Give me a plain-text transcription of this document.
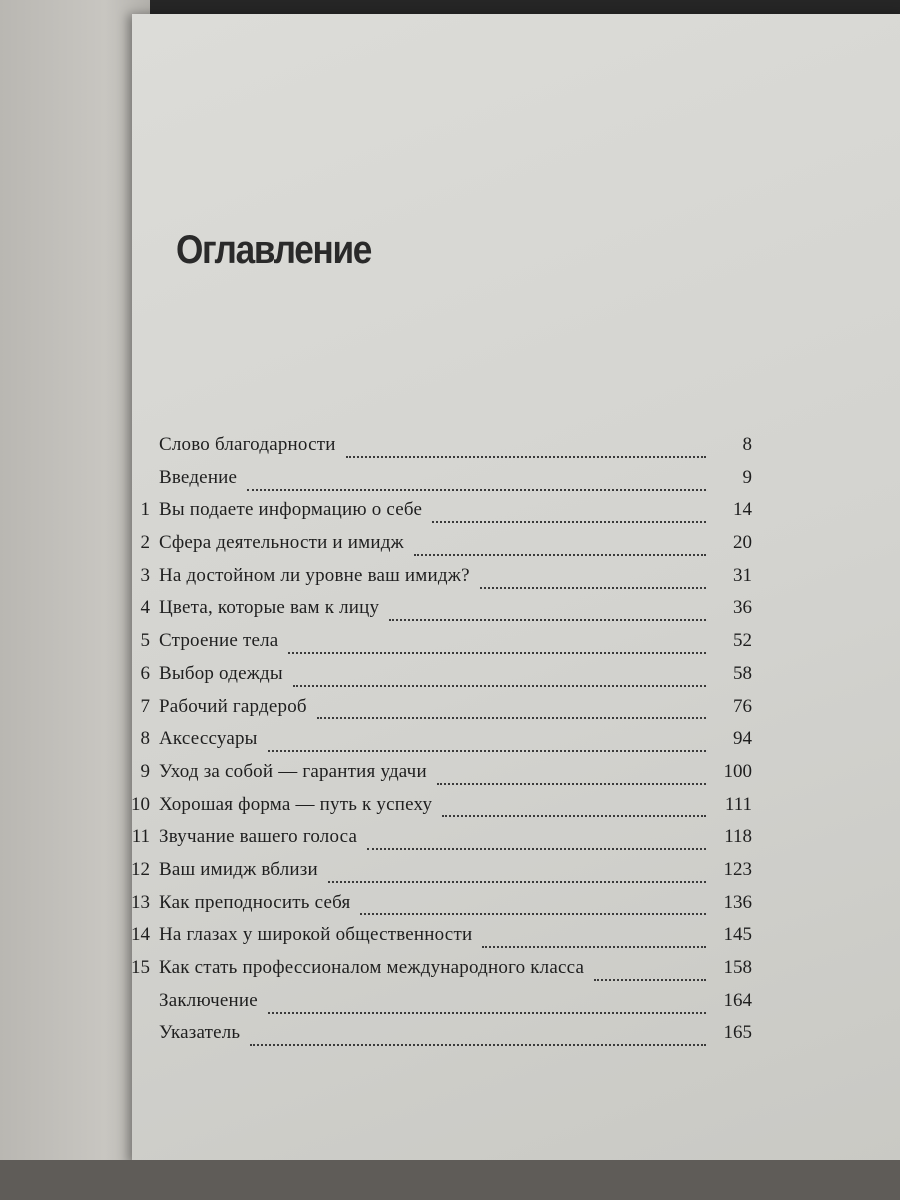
Оглавление
Слово благодарности	8
Введение	9
1 Вы подаете информацию о себе	14
2 Сфера деятельности и имидж	20
3 На достойном ли уровне ваш имидж?	31
4 Цвета, которые вам к лицу	36
5 Строение тела	52
6 Выбор одежды	58
7 Рабочий гардероб	76
8 Аксессуары	94
9 Уход за собой — гарантия удачи	100
10 Хорошая форма — путь к успеху	111
11 Звучание вашего голоса	118
12 Ваш имидж вблизи	123
13 Как преподносить себя	136
14 На глазах у широкой общественности	145
15 Как стать профессионалом международного класса	158
Заключение	164
Указатель	165
